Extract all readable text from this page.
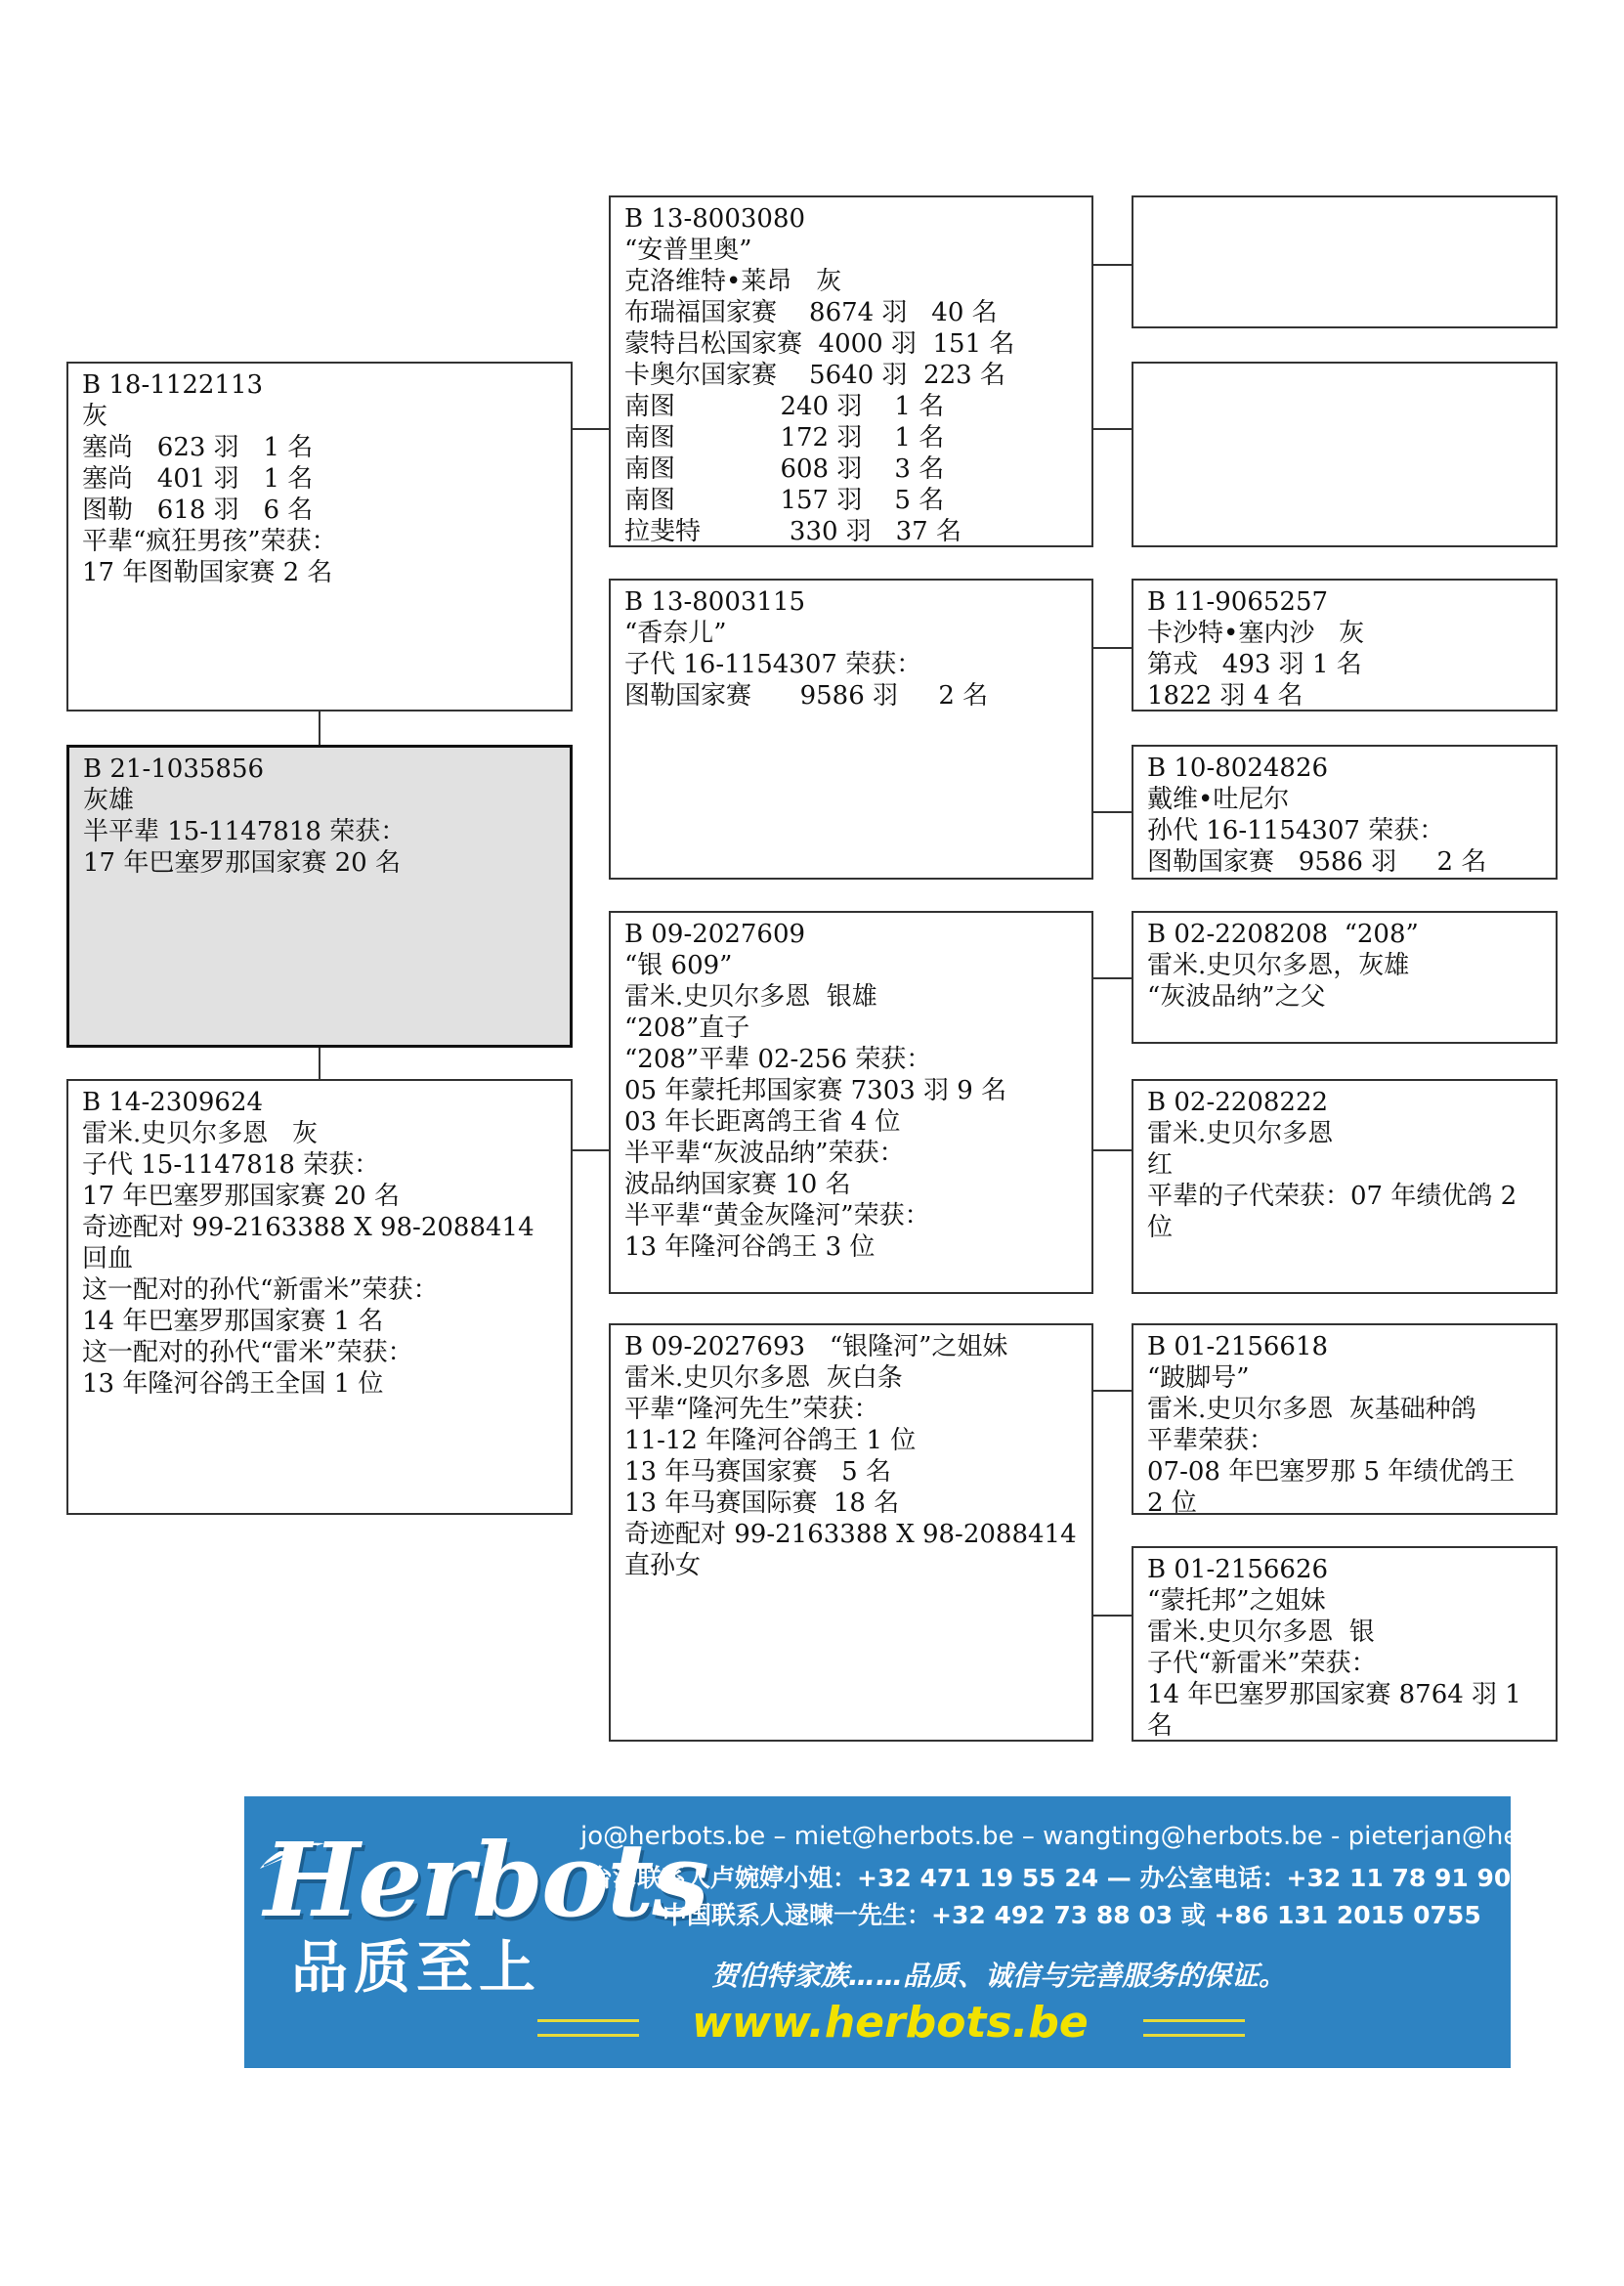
B 21-1035856
灰雄
半平辈 15-1147818 荣获：
17 年巴塞罗那国家赛 20 名
B 18-1122113
灰
塞尚   623 羽   1 名
塞尚   401 羽   1 名
图勒   618 羽   6 名
平辈“疯狂男孩”荣获：
17 年图勒国家赛 2 名
B 14-2309624
雷米.史贝尔多恩   灰
子代 15-1147818 荣获：
17 年巴塞罗那国家赛 20 名
奇迹配对 99-2163388 X 98-2088414
回血
这一配对的孙代“新雷米”荣获：
14 年巴塞罗那国家赛 1 名
这一配对的孙代“雷米”荣获：
13 年隆河谷鸽王全国 1 位
B 13-8003080
“安普里奥”
克洛维特•莱昂   灰
布瑞福国家赛    8674 羽   40 名
蒙特吕松国家赛  4000 羽  151 名
卡奥尔国家赛    5640 羽  223 名
南图             240 羽    1 名
南图             172 羽    1 名
南图             608 羽    3 名
南图             157 羽    5 名
拉斐特           330 羽   37 名
B 13-8003115
“香奈儿”
子代 16-1154307 荣获：
图勒国家赛      9586 羽     2 名
B 09-2027609
“银 609”
雷米.史贝尔多恩  银雄
“208”直子
“208”平辈 02-256 荣获：
05 年蒙托邦国家赛 7303 羽 9 名
03 年长距离鸽王省 4 位
半平辈“灰波品纳”荣获：
波品纳国家赛 10 名
半平辈“黄金灰隆河”荣获：
13 年隆河谷鸽王 3 位
B 09-2027693   “银隆河”之姐妹
雷米.史贝尔多恩  灰白条
平辈“隆河先生”荣获：
11-12 年隆河谷鸽王 1 位
13 年马赛国家赛   5 名
13 年马赛国际赛  18 名
奇迹配对 99-2163388 X 98-2088414
直孙女
B 11-9065257
卡沙特•塞内沙   灰
第戎   493 羽 1 名
1822 羽 4 名
B 10-8024826
戴维•吐尼尔
孙代 16-1154307 荣获：
图勒国家赛   9586 羽     2 名
B 02-2208208  “208”
雷米.史贝尔多恩，灰雄
“灰波品纳”之父
B 02-2208222
雷米.史贝尔多恩
红
平辈的子代荣获：07 年绩优鸽 2
位
B 01-2156618
“跛脚号”
雷米.史贝尔多恩  灰基础种鸽
平辈荣获：
07-08 年巴塞罗那 5 年绩优鸽王
2 位
B 01-2156626
“蒙托邦”之姐妹
雷米.史贝尔多恩  银
子代“新雷米”荣获：
14 年巴塞罗那国家赛 8764 羽 1
名
Herbots
品质至上
jo@herbots.be – miet@herbots.be – wangting@herbots.be - pieterjan@herbots.be
台湾联系人卢婉婷小姐：+32 471 19 55 24 — 办公室电话：+32 11 78 91 90
中国联系人逯暕一先生：+32 492 73 88 03 或 +86 131 2015 0755
贺伯特家族……品质、诚信与完善服务的保证。
www.herbots.be
